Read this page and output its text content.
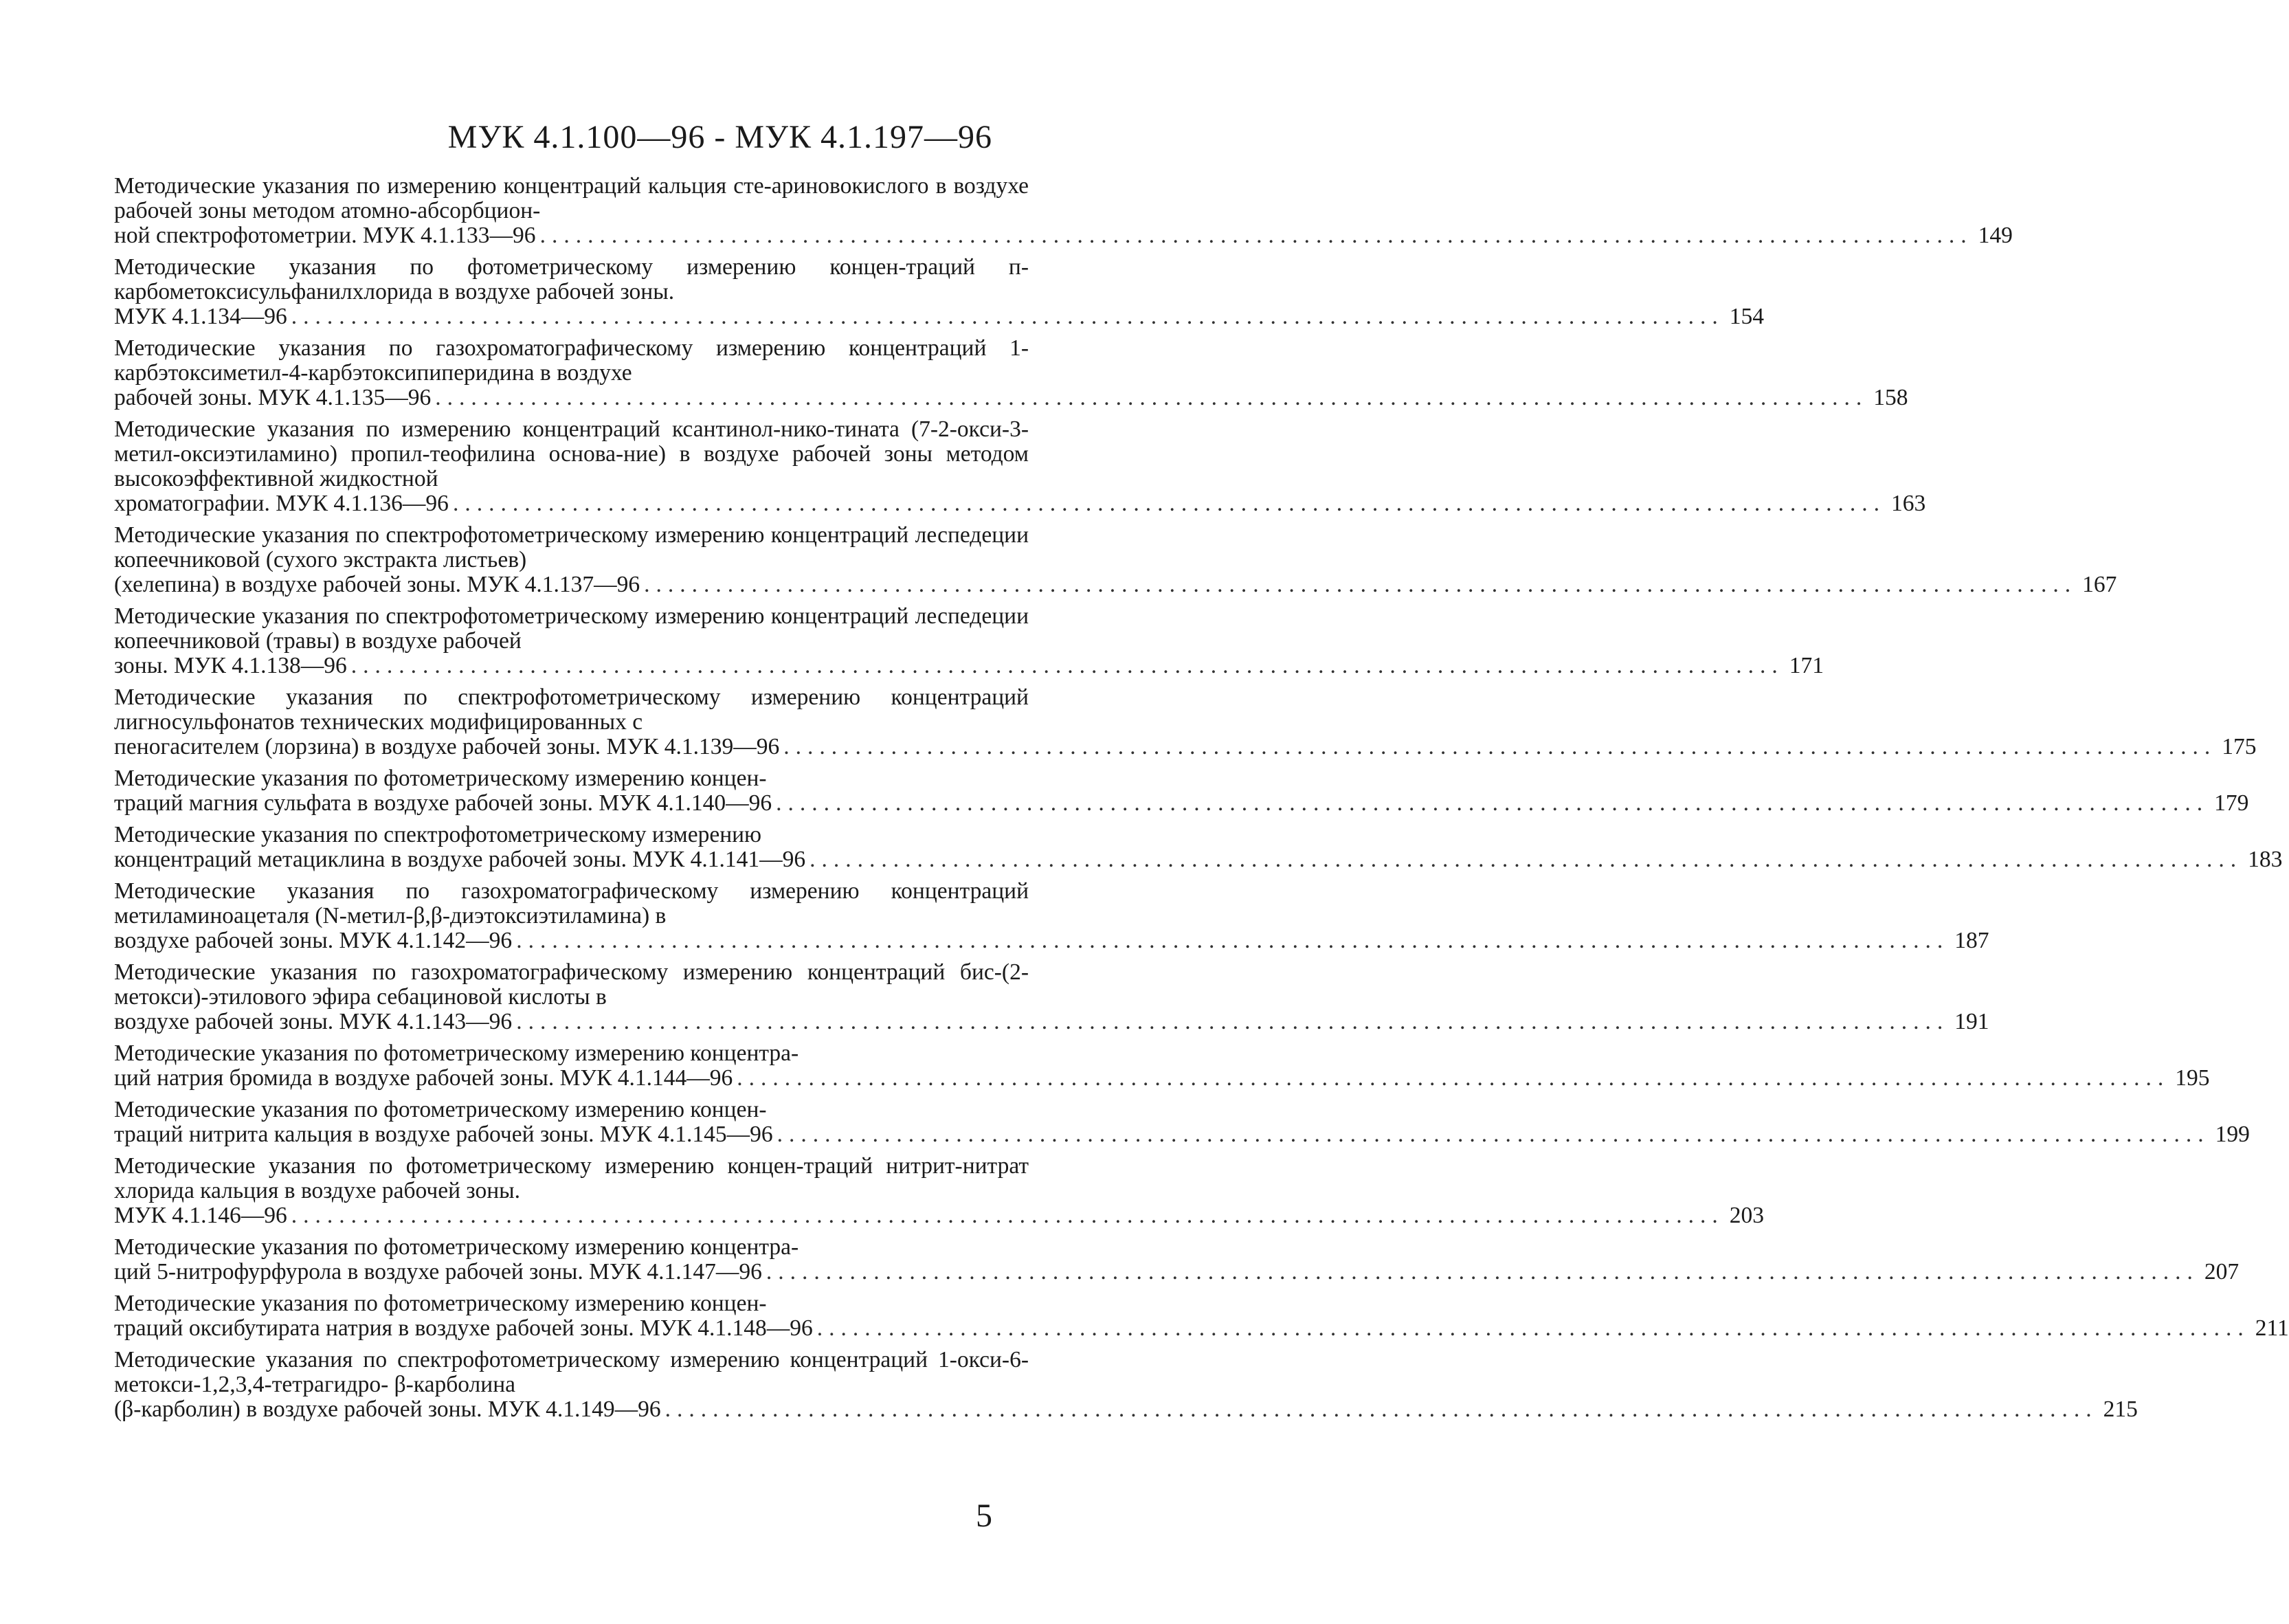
МУК 4.1.100—96 - МУК 4.1.197—96
Методические указания по измерению концентраций кальция сте-ариновокислого в воздухе рабочей зоны методом атомно-абсорбцион-
ной спектрофотометрии. МУК 4.1.133—96 ........................................................................................................................ 149
Методические указания по фотометрическому измерению концен-траций п-карбометоксисульфанилхлорида в воздухе рабочей зоны.
МУК 4.1.134—96 ........................................................................................................................ 154
Методические указания по газохроматографическому измерению концентраций 1-карбэтоксиметил-4-карбэтоксипиперидина в воздухе
рабочей зоны. МУК 4.1.135—96 ........................................................................................................................ 158
Методические указания по измерению концентраций ксантинол-нико-тината (7-2-окси-3-метил-оксиэтиламино) пропил-теофилина основа-ние) в воздухе рабочей зоны методом высокоэффективной жидкостной
хроматографии. МУК 4.1.136—96 ........................................................................................................................ 163
Методические указания по спектрофотометрическому измерению концентраций леспедеции копеечниковой (сухого экстракта листьев)
(хелепина) в воздухе рабочей зоны. МУК 4.1.137—96 ........................................................................................................................ 167
Методические указания по спектрофотометрическому измерению концентраций леспедеции копеечниковой (травы) в воздухе рабочей
зоны. МУК 4.1.138—96 ........................................................................................................................ 171
Методические указания по спектрофотометрическому измерению концентраций лигносульфонатов технических модифицированных с
пеногасителем (лорзина) в воздухе рабочей зоны. МУК 4.1.139—96 ........................................................................................................................ 175
Методические указания по фотометрическому измерению концен-
траций магния сульфата в воздухе рабочей зоны. МУК 4.1.140—96 ........................................................................................................................ 179
Методические указания по спектрофотометрическому измерению
концентраций метациклина в воздухе рабочей зоны. МУК 4.1.141—96 ........................................................................................................................ 183
Методические указания по газохроматографическому измерению концентраций метиламиноацеталя (N-метил-β,β-диэтоксиэтиламина) в
воздухе рабочей зоны. МУК 4.1.142—96 ........................................................................................................................ 187
Методические указания по газохроматографическому измерению концентраций бис-(2-метокси)-этилового эфира себациновой кислоты в
воздухе рабочей зоны. МУК 4.1.143—96 ........................................................................................................................ 191
Методические указания по фотометрическому измерению концентра-
ций натрия бромида в воздухе рабочей зоны. МУК 4.1.144—96 ........................................................................................................................ 195
Методические указания по фотометрическому измерению концен-
траций нитрита кальция в воздухе рабочей зоны. МУК 4.1.145—96 ........................................................................................................................ 199
Методические указания по фотометрическому измерению концен-траций нитрит-нитрат хлорида кальция в воздухе рабочей зоны.
МУК 4.1.146—96 ........................................................................................................................ 203
Методические указания по фотометрическому измерению концентра-
ций 5-нитрофурфурола в воздухе рабочей зоны. МУК 4.1.147—96 ........................................................................................................................ 207
Методические указания по фотометрическому измерению концен-
траций оксибутирата натрия в воздухе рабочей зоны. МУК 4.1.148—96 ........................................................................................................................ 211
Методические указания по спектрофотометрическому измерению концентраций 1-окси-6-метокси-1,2,3,4-тетрагидро- β-карболина
(β-карболин) в воздухе рабочей зоны. МУК 4.1.149—96 ........................................................................................................................ 215
5
